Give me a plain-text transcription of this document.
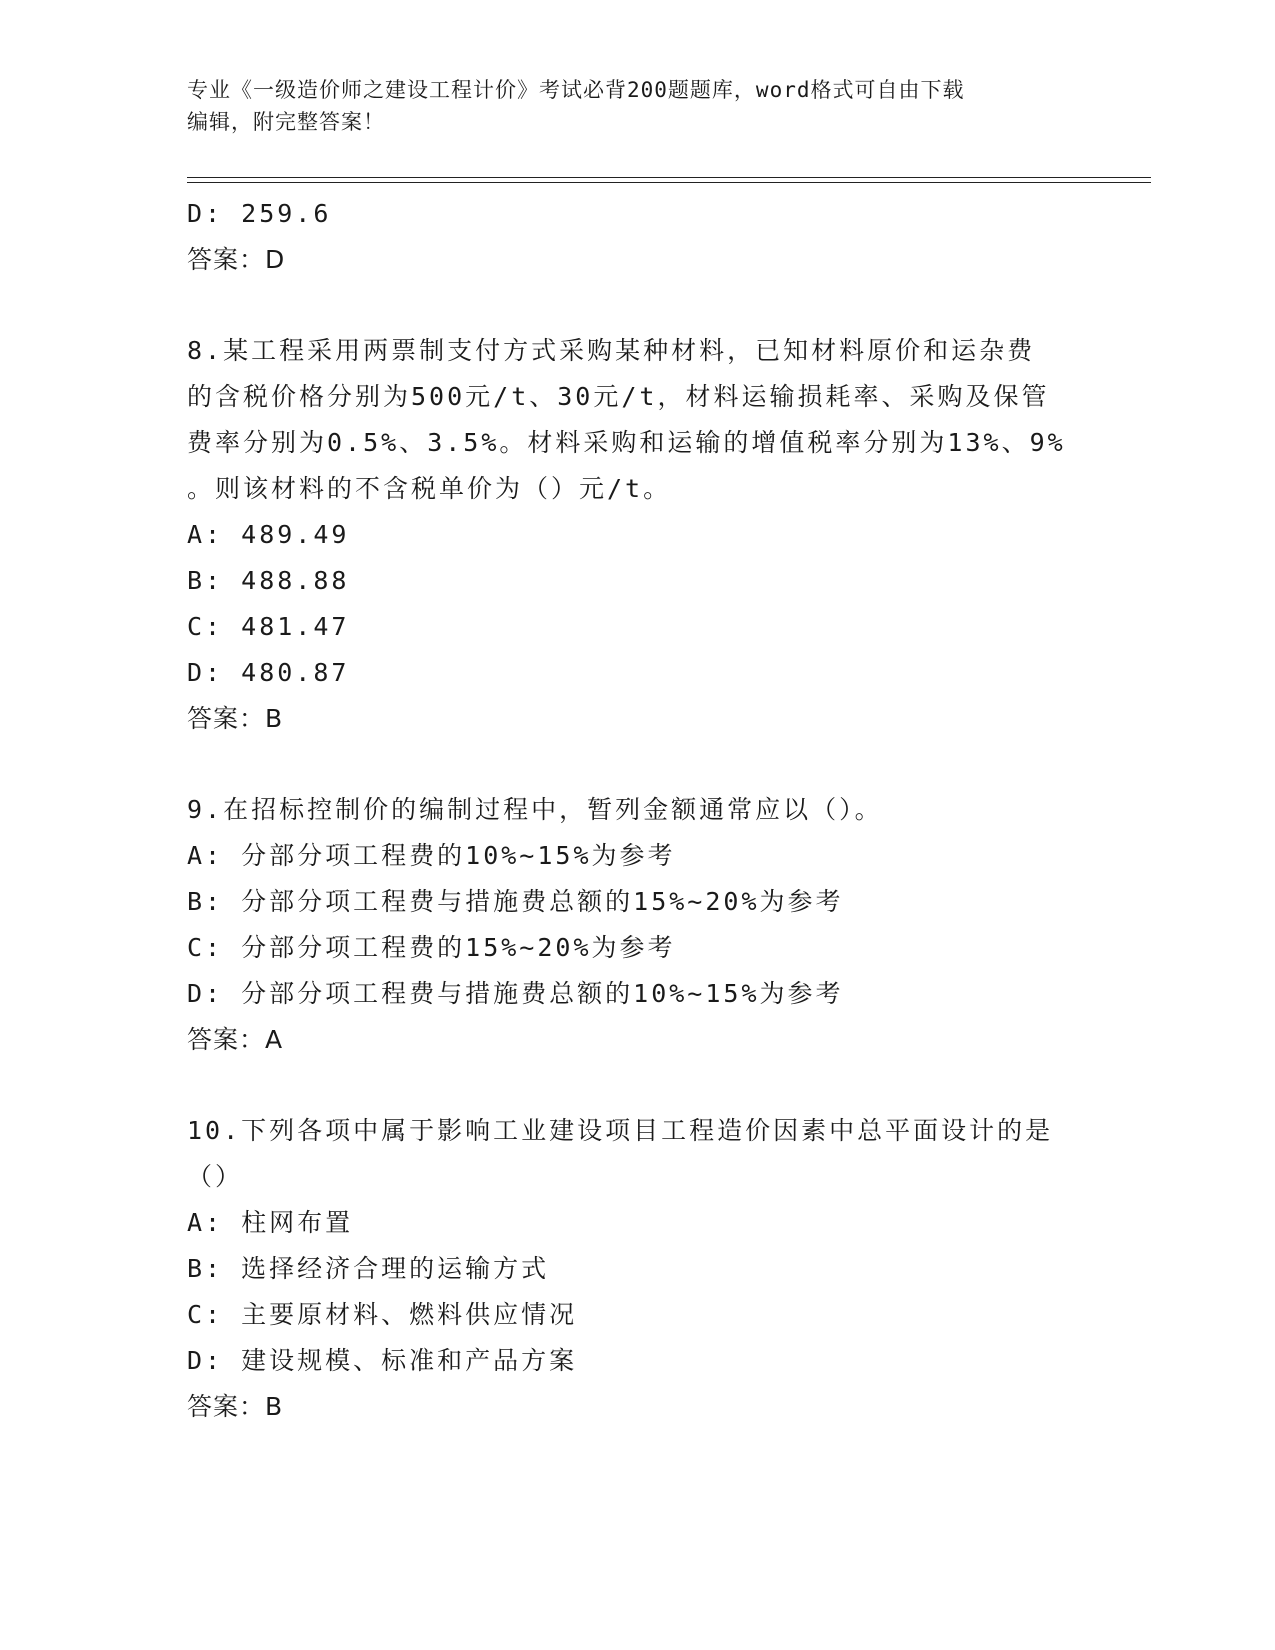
专业《一级造价师之建设工程计价》考试必背200题题库，word格式可自由下载
编辑，附完整答案！
D: 259.6
答案：D
8.某工程采用两票制支付方式采购某种材料，已知材料原价和运杂费
的含税价格分别为500元/t、30元/t，材料运输损耗率、采购及保管
费率分别为0.5%、3.5%。材料采购和运输的增值税率分别为13%、9%
。则该材料的不含税单价为（）元/t。
A: 489.49
B: 488.88
C: 481.47
D: 480.87
答案：B
9.在招标控制价的编制过程中，暂列金额通常应以（）。
A: 分部分项工程费的10%~15%为参考
B: 分部分项工程费与措施费总额的15%~20%为参考
C: 分部分项工程费的15%~20%为参考
D: 分部分项工程费与措施费总额的10%~15%为参考
答案：A
10.下列各项中属于影响工业建设项目工程造价因素中总平面设计的是
（）
A: 柱网布置
B: 选择经济合理的运输方式
C: 主要原材料、燃料供应情况
D: 建设规模、标准和产品方案
答案：B
